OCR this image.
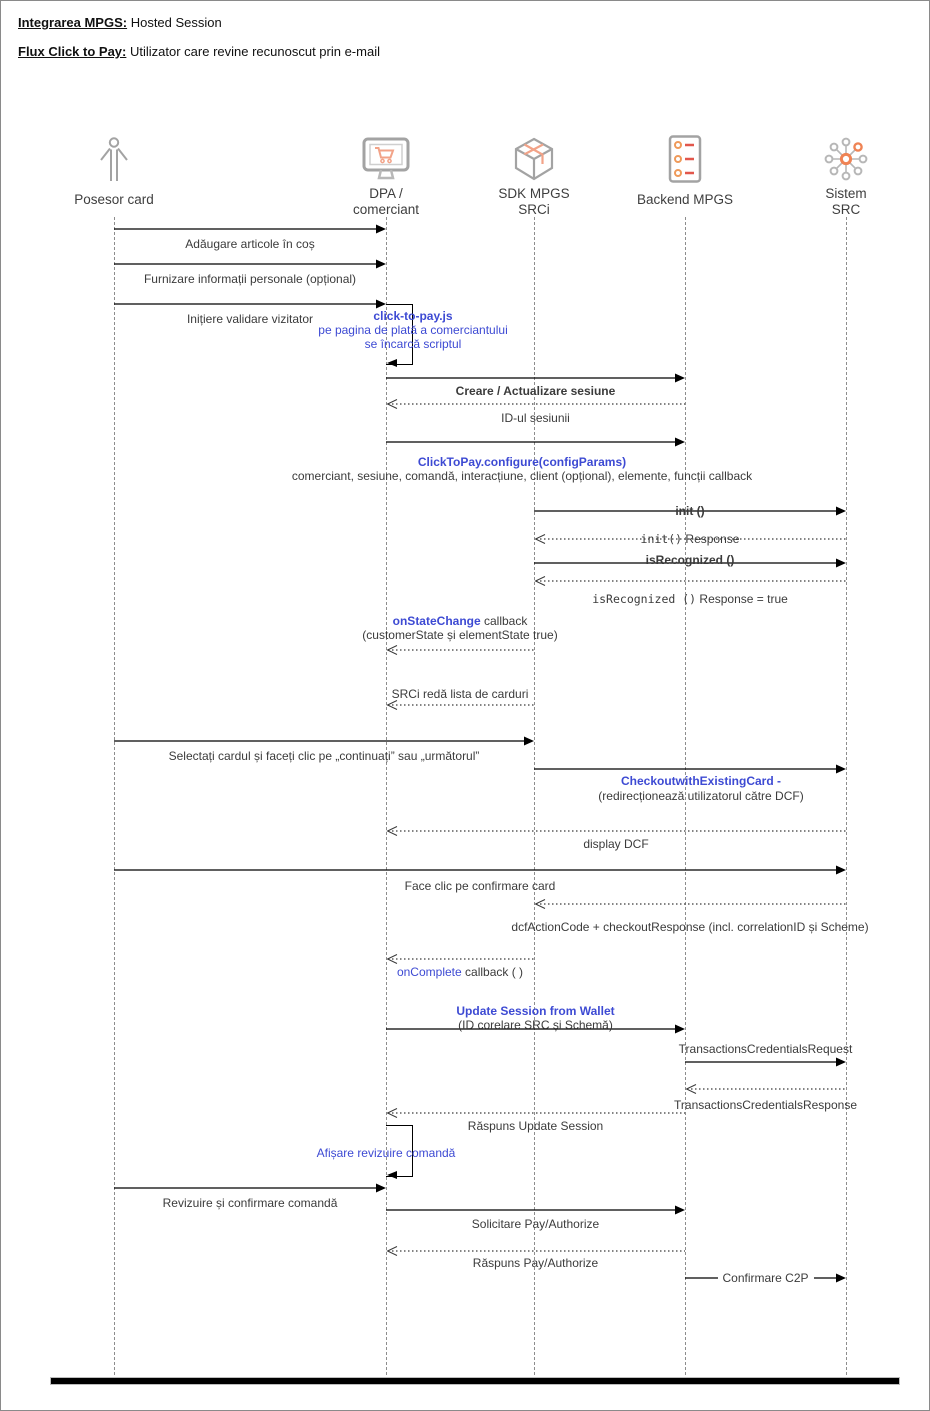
Integrarea MPGS: Hosted Session
Flux Click to Pay: Utilizator care revine recunoscut prin e-mail
Posesor card	DPA /
comerciant
SDK MPGS
SRCi
Backend MPGS	Sistem
SRC
Adăugare articole în coș
Furnizare informații personale (opțional)
Inițiere validare vizitator
Creare / Actualizare sesiune
ID-ul sesiunii
ClickToPay.configure(configParams)
comerciant, sesiune, comandă, interacțiune, client (opțional), elemente, funcții callback
init ()
init() Response
isRecognized ()
isRecognized () Response = true
onStateChange callback
(customerState și elementState true)
SRCi redă lista de carduri
Selectați cardul și faceți clic pe „continuați” sau „următorul”
CheckoutwithExistingCard -
(redirecționează utilizatorul către DCF)
display DCF
Face clic pe confirmare card
dcfActionCode + checkoutResponse (incl. correlationID și Scheme)
onComplete callback ( )
Update Session from Wallet
(ID corelare SRC și Schemă)
TransactionsCredentialsRequest
TransactionsCredentialsResponse
Răspuns Update Session
Revizuire și confirmare comandă
Solicitare Pay/Authorize
Răspuns Pay/Authorize
Confirmare C2P
click-to-pay.js
pe pagina de plată a comerciantului
se încarcă scriptul
Afișare revizuire comandă
